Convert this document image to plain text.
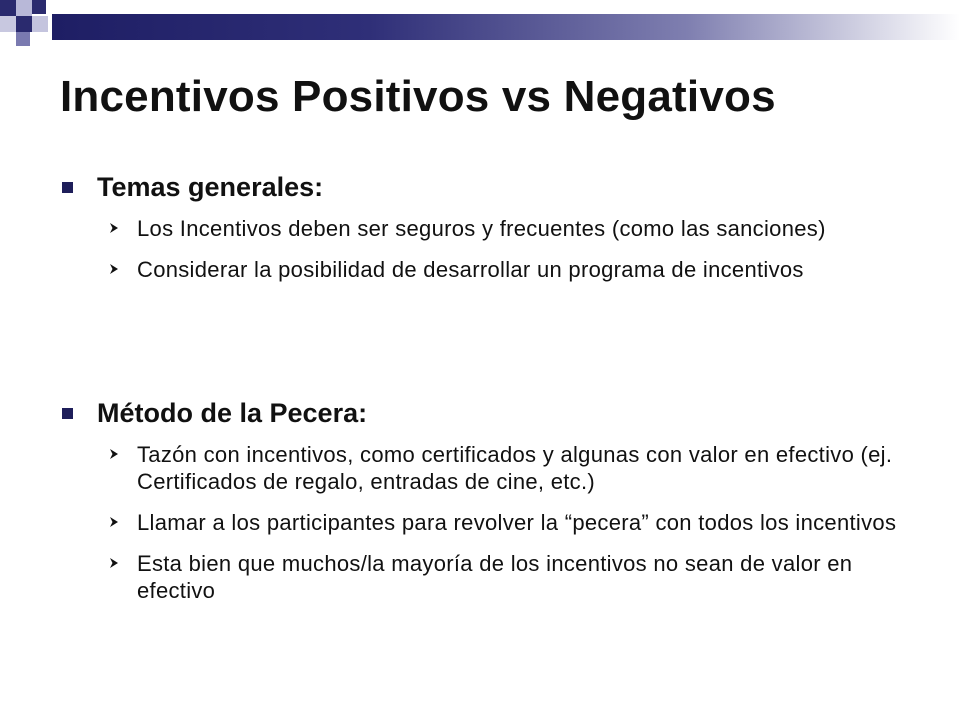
Incentivos Positivos vs Negativos
Temas generales:
Los Incentivos deben ser seguros y frecuentes (como las sanciones)
Considerar la posibilidad de desarrollar un programa de incentivos
Método de la Pecera:
Tazón con incentivos, como certificados y algunas con valor en efectivo (ej. Certificados de regalo, entradas de cine, etc.)
Llamar a los participantes para revolver la “pecera” con todos los incentivos
Esta bien que muchos/la mayoría de los incentivos no sean de valor en efectivo
